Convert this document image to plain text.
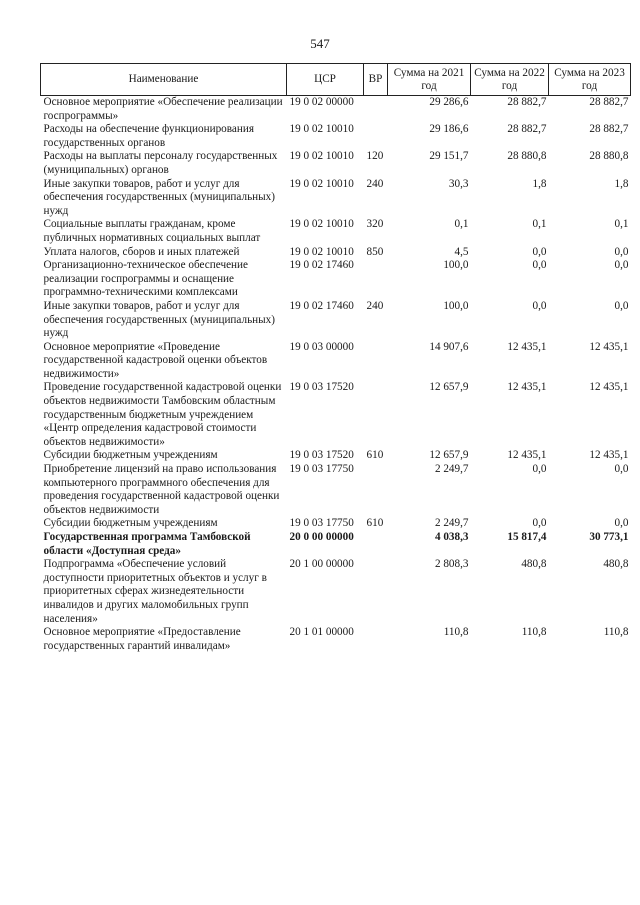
547
Наименование	ЦСР	ВР	Сумма на 2021 год	Сумма на 2022 год	Сумма на 2023 год
Основное мероприятие «Обеспечение реализации госпрограммы»	19 0 02 00000		29 286,6	28 882,7	28 882,7
Расходы на обеспечение функционирования государственных органов	19 0 02 10010		29 186,6	28 882,7	28 882,7
Расходы на выплаты персоналу государственных (муниципальных) органов	19 0 02 10010	120	29 151,7	28 880,8	28 880,8
Иные закупки товаров, работ и услуг для обеспечения государственных (муниципальных) нужд	19 0 02 10010	240	30,3	1,8	1,8
Социальные выплаты гражданам, кроме публичных нормативных социальных выплат	19 0 02 10010	320	0,1	0,1	0,1
Уплата налогов, сборов и иных платежей	19 0 02 10010	850	4,5	0,0	0,0
Организационно-техническое обеспечение реализации госпрограммы и оснащение программно-техническими комплексами	19 0 02 17460		100,0	0,0	0,0
Иные закупки товаров, работ и услуг для обеспечения государственных (муниципальных) нужд	19 0 02 17460	240	100,0	0,0	0,0
Основное мероприятие «Проведение государственной кадастровой оценки объектов недвижимости»	19 0 03 00000		14 907,6	12 435,1	12 435,1
Проведение государственной кадастровой оценки объектов недвижимости Тамбовским областным государственным бюджетным учреждением «Центр определения кадастровой стоимости объектов недвижимости»	19 0 03 17520		12 657,9	12 435,1	12 435,1
Субсидии бюджетным учреждениям	19 0 03 17520	610	12 657,9	12 435,1	12 435,1
Приобретение лицензий на право использования компьютерного программного обеспечения для проведения государственной кадастровой оценки объектов недвижимости	19 0 03 17750		2 249,7	0,0	0,0
Субсидии бюджетным учреждениям	19 0 03 17750	610	2 249,7	0,0	0,0
Государственная программа Тамбовской области «Доступная среда»	20 0 00 00000		4 038,3	15 817,4	30 773,1
Подпрограмма «Обеспечение условий доступности приоритетных объектов и услуг в приоритетных сферах жизнедеятельности инвалидов и других маломобильных групп населения»	20 1 00 00000		2 808,3	480,8	480,8
Основное мероприятие «Предоставление государственных гарантий инвалидам»	20 1 01 00000		110,8	110,8	110,8
